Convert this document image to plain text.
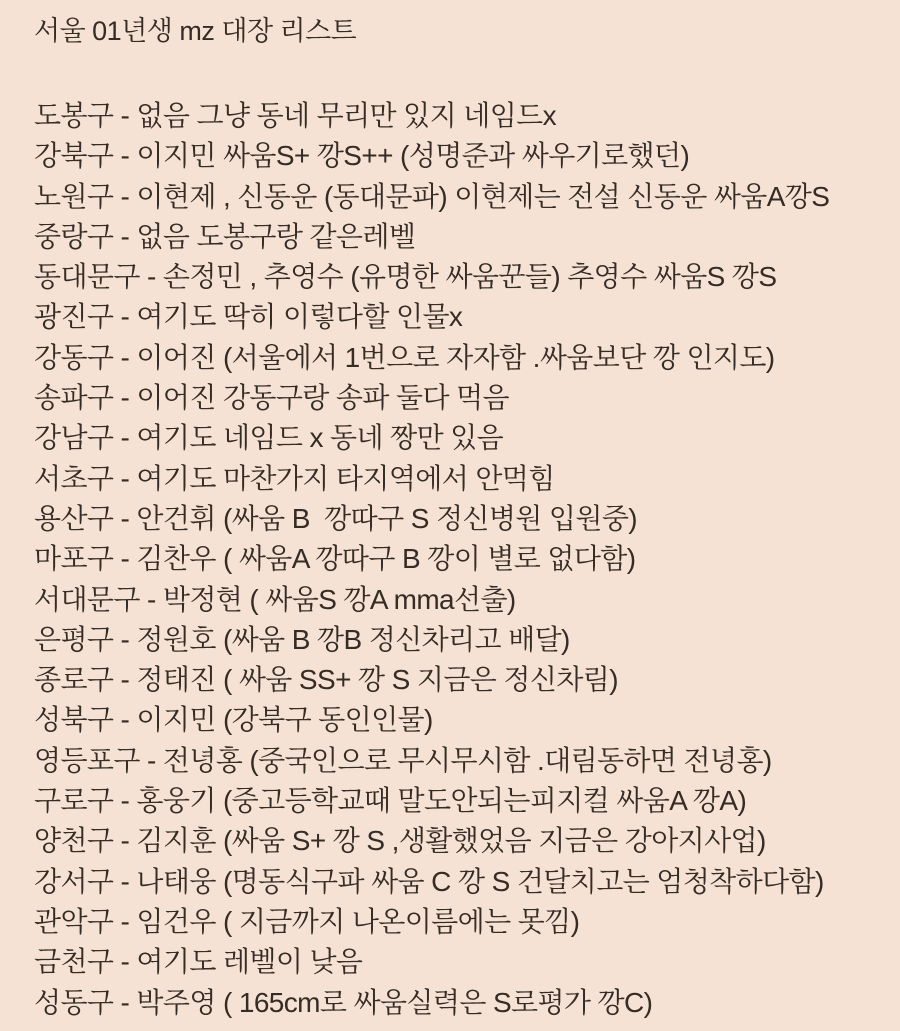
서울 01년생 mz 대장 리스트
도봉구 - 없음 그냥 동네 무리만 있지 네임드x
강북구 - 이지민 싸움S+ 깡S++ (성명준과 싸우기로했던)
노원구 - 이현제 , 신동운 (동대문파) 이현제는 전설 신동운 싸움A깡S
중랑구 - 없음 도봉구랑 같은레벨
동대문구 - 손정민 , 추영수 (유명한 싸움꾼들) 추영수 싸움S 깡S
광진구 - 여기도 딱히 이렇다할 인물x
강동구 - 이어진 (서울에서 1번으로 자자함 .싸움보단 깡 인지도)
송파구 - 이어진 강동구랑 송파 둘다 먹음
강남구 - 여기도 네임드 x 동네 짱만 있음
서초구 - 여기도 마찬가지 타지역에서 안먹힘
용산구 - 안건휘 (싸움 B  깡따구 S 정신병원 입원중)
마포구 - 김찬우 ( 싸움A 깡따구 B 깡이 별로 없다함)
서대문구 - 박정현 ( 싸움S 깡A mma선출)
은평구 - 정원호 (싸움 B 깡B 정신차리고 배달)
종로구 - 정태진 ( 싸움 SS+ 깡 S 지금은 정신차림)
성북구 - 이지민 (강북구 동인인물)
영등포구 - 전녕홍 (중국인으로 무시무시함 .대림동하면 전녕홍)
구로구 - 홍웅기 (중고등학교때 말도안되는피지컬 싸움A 깡A)
양천구 - 김지훈 (싸움 S+ 깡 S ,생활했었음 지금은 강아지사업)
강서구 - 나태웅 (명동식구파 싸움 C 깡 S 건달치고는 엄청착하다함)
관악구 - 임건우 ( 지금까지 나온이름에는 못낌)
금천구 - 여기도 레벨이 낮음
성동구 - 박주영 ( 165cm로 싸움실력은 S로평가 깡C)
